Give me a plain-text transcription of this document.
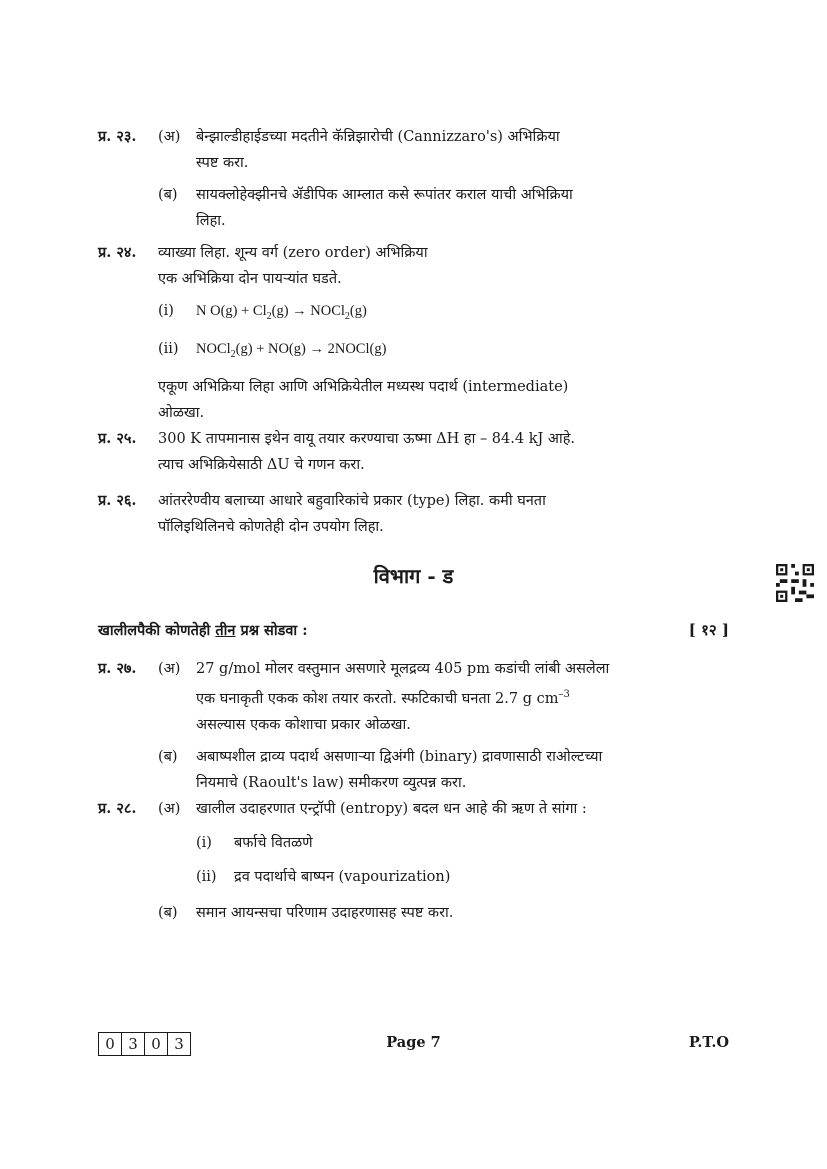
प्र. २३. (अ) बेन्झाल्डीहाईडच्या मदतीने कॅन्निझारोची (Cannizzaro's) अभिक्रिया
स्पष्ट करा.
(ब) सायक्लोहेक्झीनचे ॲडीपिक आम्लात कसे रूपांतर कराल याची अभिक्रिया
लिहा.
प्र. २४. व्याख्या लिहा. शून्य वर्ग (zero order) अभिक्रिया
एक अभिक्रिया दोन पायऱ्यांत घडते.
(i) N $O(g) + Cl_2(g)$ → NOCl$_2$(g)
(ii) NOCl$_2$(g) + NO(g) → 2NOCl(g)
एकूण अभिक्रिया लिहा आणि अभिक्रियेतील मध्यस्थ पदार्थ (intermediate)
ओळखा.
प्र. २५. 300 K तापमानास इथेन वायू तयार करण्याचा ऊष्मा ΔH हा – 84.4 kJ आहे.
त्याच अभिक्रियेसाठी ΔU चे गणन करा.
प्र. २६. आंतररेण्वीय बलाच्या आधारे बहुवारिकांचे प्रकार (type) लिहा. कमी घनता
पॉलिइथिलिनचे कोणतेही दोन उपयोग लिहा.
विभाग - ड
खालीलपैकी कोणतेही तीन प्रश्न सोडवा :	[ १२ ]
प्र. २७. (अ) 27 g/mol मोलर वस्तुमान असणारे मूलद्रव्य 405 pm कडांची लांबी असलेला
एक घनाकृती एकक कोश तयार करतो. स्फटिकाची घनता 2.7 g $cm^{-3}$
असल्यास एकक कोशाचा प्रकार ओळखा.
(ब) अबाष्पशील द्राव्य पदार्थ असणाऱ्या द्विअंगी (binary) द्रावणासाठी राओल्टच्या
नियमाचे (Raoult's law) समीकरण व्युत्पन्न करा.
प्र. २८. (अ) खालील उदाहरणात एन्ट्रॉपी (entropy) बदल धन आहे की ऋण ते सांगा :
(i) बर्फाचे वितळणे
(ii) द्रव पदार्थाचे बाष्पन (vapourization)
(ब) समान आयन्सचा परिणाम उदाहरणासह स्पष्ट करा.
0 3 0 3	Page 7	P.T.O
